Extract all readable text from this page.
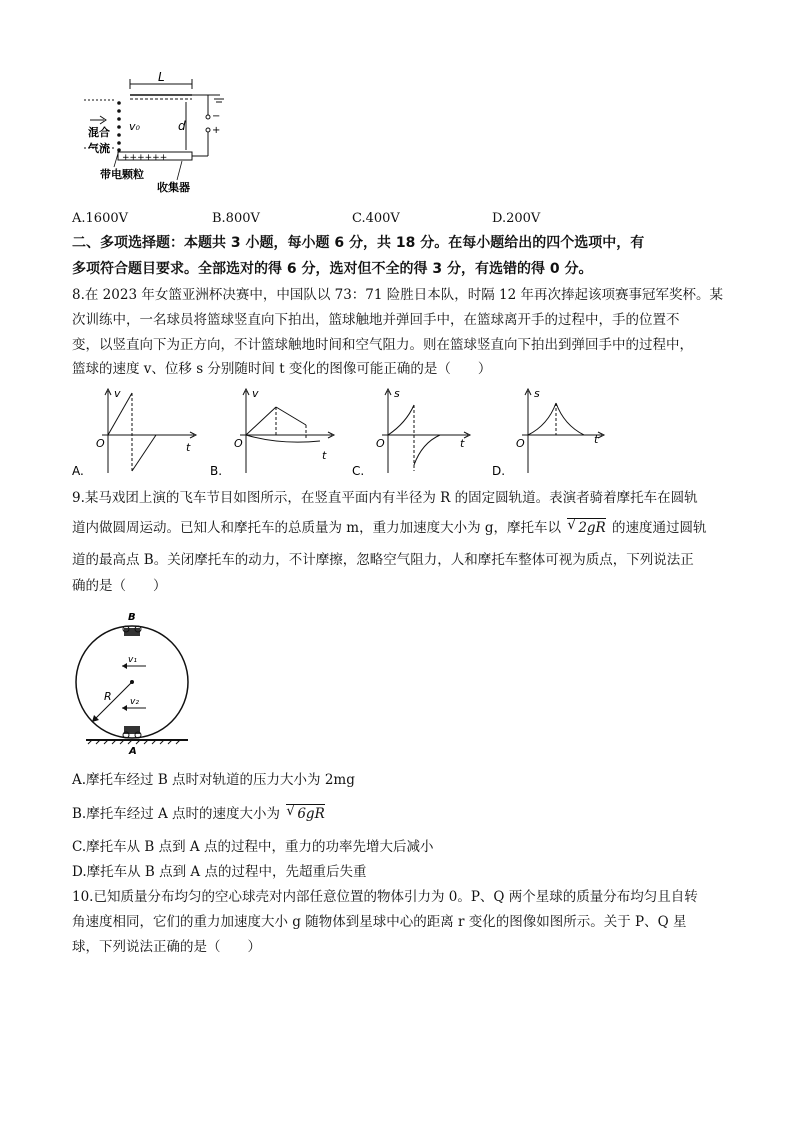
L
++++++
−
+
d
v₀
混合
气流
带电颗粒
收集器
A.1600V	B.800V	C.400V	D.200V
二、多项选择题：本题共 3 小题，每小题 6 分，共 18 分。在每小题给出的四个选项中，有
多项符合题目要求。全部选对的得 6 分，选对但不全的得 3 分，有选错的得 0 分。
8.在 2023 年女篮亚洲杯决赛中，中国队以 73：71 险胜日本队，时隔 12 年再次捧起该项赛事冠军奖杯。某
次训练中，一名球员将篮球竖直向下拍出，篮球触地并弹回手中，在篮球离开手的过程中，手的位置不
变，以竖直向下为正方向，不计篮球触地时间和空气阻力。则在篮球竖直向下拍出到弹回手中的过程中，
篮球的速度 v、位移 s 分别随时间 t 变化的图像可能正确的是（　　）
v
t
O
A.
v
t
O
B.
s
t
O
C.
s
t
O
D.
9.某马戏团上演的飞车节目如图所示，在竖直平面内有半径为 R 的固定圆轨道。表演者骑着摩托车在圆轨
道内做圆周运动。已知人和摩托车的总质量为 m，重力加速度大小为 g，摩托车以 √ 2gR 的速度通过圆轨
道的最高点 B。关闭摩托车的动力，不计摩擦，忽略空气阻力，人和摩托车整体可视为质点，下列说法正
确的是（　　）
R
B
v₁
v₂
A
A.摩托车经过 B 点时对轨道的压力大小为 2mg
B.摩托车经过 A 点时的速度大小为 √ 6gR
C.摩托车从 B 点到 A 点的过程中，重力的功率先增大后减小
D.摩托车从 B 点到 A 点的过程中，先超重后失重
10.已知质量分布均匀的空心球壳对内部任意位置的物体引力为 0。P、Q 两个星球的质量分布均匀且自转
角速度相同，它们的重力加速度大小 g 随物体到星球中心的距离 r 变化的图像如图所示。关于 P、Q 星
球，下列说法正确的是（　　）
